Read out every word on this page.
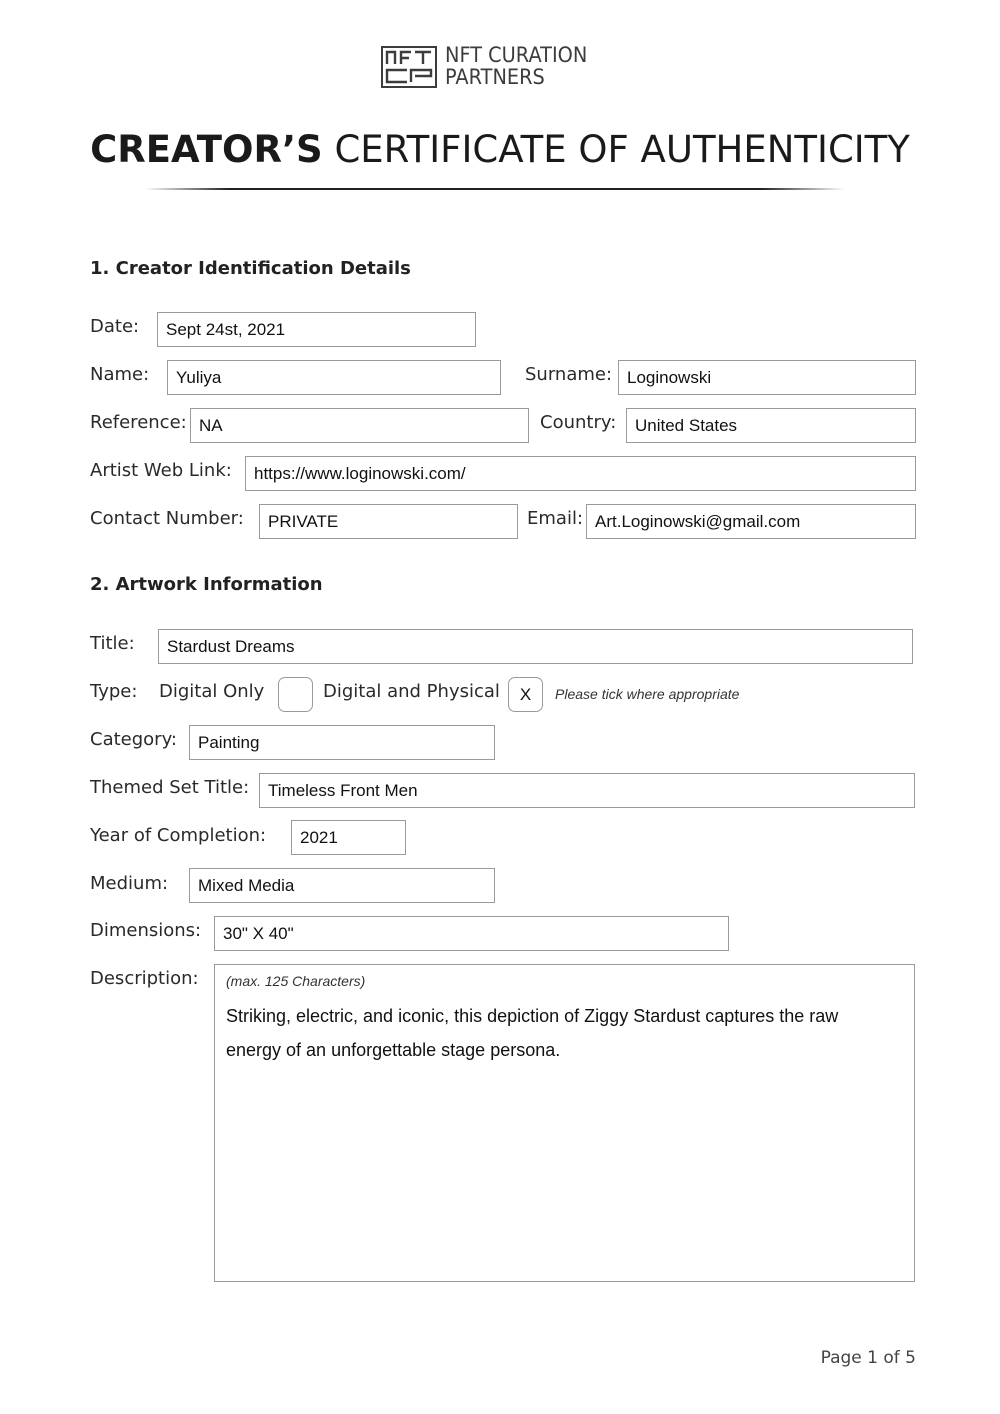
NFT CURATION
PARTNERS
CREATOR’S CERTIFICATE OF AUTHENTICITY
1. Creator Identification Details
Date: Sept 24st, 2021
Name: Yuliya	Surname: Loginowski
Reference: NA	Country: United States
Artist Web Link: https://www.loginowski.com/
Contact Number: PRIVATE	Email: Art.Loginowski@gmail.com
2. Artwork Information
Title: Stardust Dreams
Type: Digital Only	Digital and Physical	X	Please tick where appropriate
Category: Painting
Themed Set Title: Timeless Front Men
Year of Completion: 2021
Medium: Mixed Media
Dimensions: 30" X 40"
Description: (max. 125 Characters)
Striking, electric, and iconic, this depiction of Ziggy Stardust captures the raw energy of an unforgettable stage persona.
Page 1 of 5
